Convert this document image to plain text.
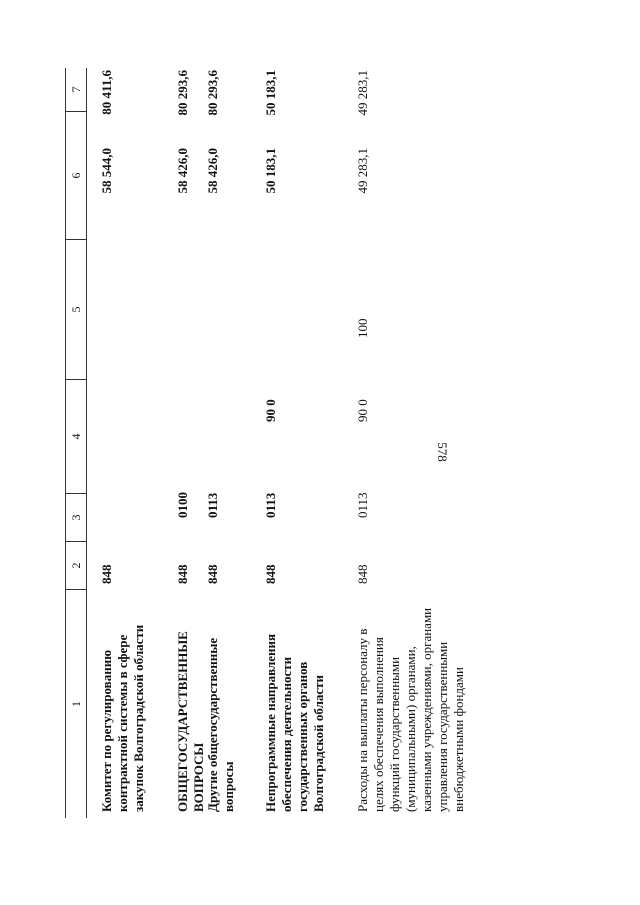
578
1
2
3
4
5
6
7
Комитет по регулированию контрактной системы в сфере закупок Волгоградской области
848
58 544,0
80 411,6
ОБЩЕГОСУДАРСТВЕННЫЕ ВОПРОСЫ
848
0100
58 426,0
80 293,6
Другие общегосударственные вопросы
848
0113
58 426,0
80 293,6
Непрограммные направления обеспечения деятельности государственных органов Волгоградской области
848
0113
90 0
50 183,1
50 183,1
Расходы на выплаты персоналу в целях обеспечения выполнения функций государственными (муниципальными) органами, казенными учреждениями, органами управления государственными внебюджетными фондами
848
0113
90 0
100
49 283,1
49 283,1
